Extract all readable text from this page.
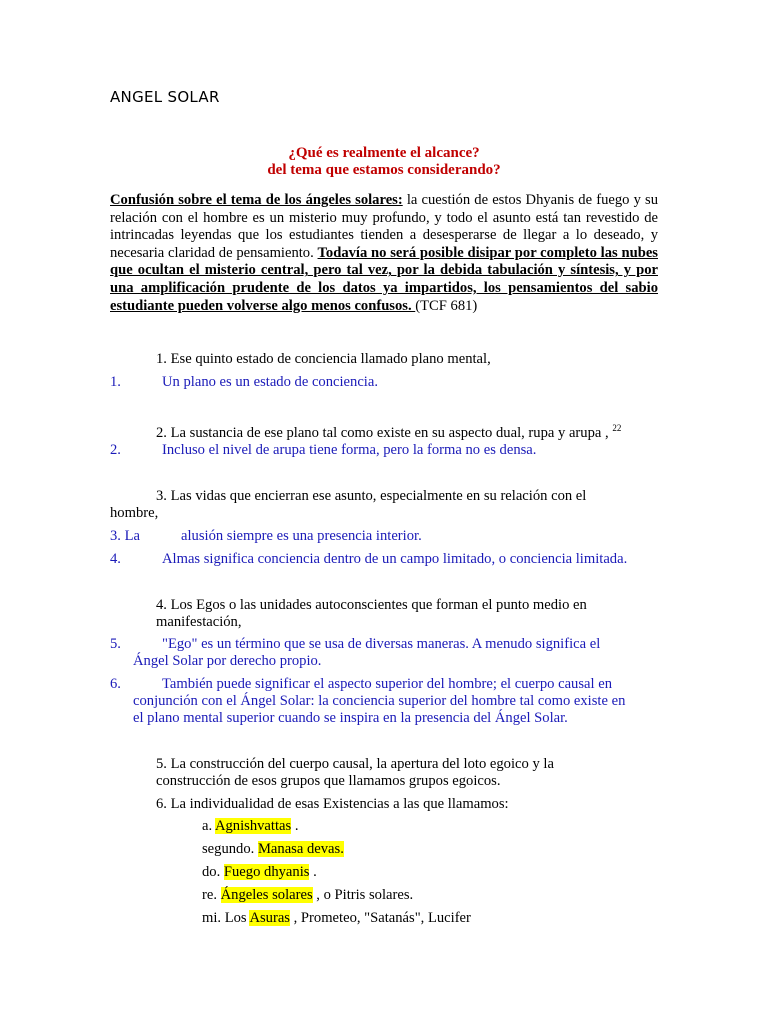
ANGEL SOLAR
¿Qué es realmente el alcance?
del tema que estamos considerando?
Confusión sobre el tema de los ángeles solares: la cuestión de estos Dhyanis de fuego y su relación con el hombre es un misterio muy profundo, y todo el asunto está tan revestido de intrincadas leyendas que los estudiantes tienden a desesperarse de llegar a lo deseado, y necesaria claridad de pensamiento. Todavía no será posible disipar por completo las nubes que ocultan el misterio central, pero tal vez, por la debida tabulación y síntesis, y por una amplificación prudente de los datos ya impartidos, los pensamientos del sabio estudiante pueden volverse algo menos confusos. (TCF 681)
1. Ese quinto estado de conciencia llamado plano mental,
1.	Un plano es un estado de conciencia.
2. La sustancia de ese plano tal como existe en su aspecto dual, rupa y arupa , $^{22}$
2.	Incluso el nivel de arupa tiene forma, pero la forma no es densa.
3. Las vidas que encierran ese asunto, especialmente en su relación con el
hombre,
3. La	alusión siempre es una presencia interior.
4.	Almas significa conciencia dentro de un campo limitado, o conciencia limitada.
4. Los Egos o las unidades autoconscientes que forman el punto medio en
manifestación,
5.	"Ego" es un término que se usa de diversas maneras. A menudo significa el
Ángel Solar por derecho propio.
6.	También puede significar el aspecto superior del hombre; el cuerpo causal en
conjunción con el Ángel Solar: la conciencia superior del hombre tal como existe en
el plano mental superior cuando se inspira en la presencia del Ángel Solar.
5. La construcción del cuerpo causal, la apertura del loto egoico y la
construcción de esos grupos que llamamos grupos egoicos.
6. La individualidad de esas Existencias a las que llamamos:
a. Agnishvattas .
segundo. Manasa devas.
do. Fuego dhyanis .
re. Ángeles solares , o Pitris solares.
mi. Los Asuras , Prometeo, "Satanás", Lucifer
